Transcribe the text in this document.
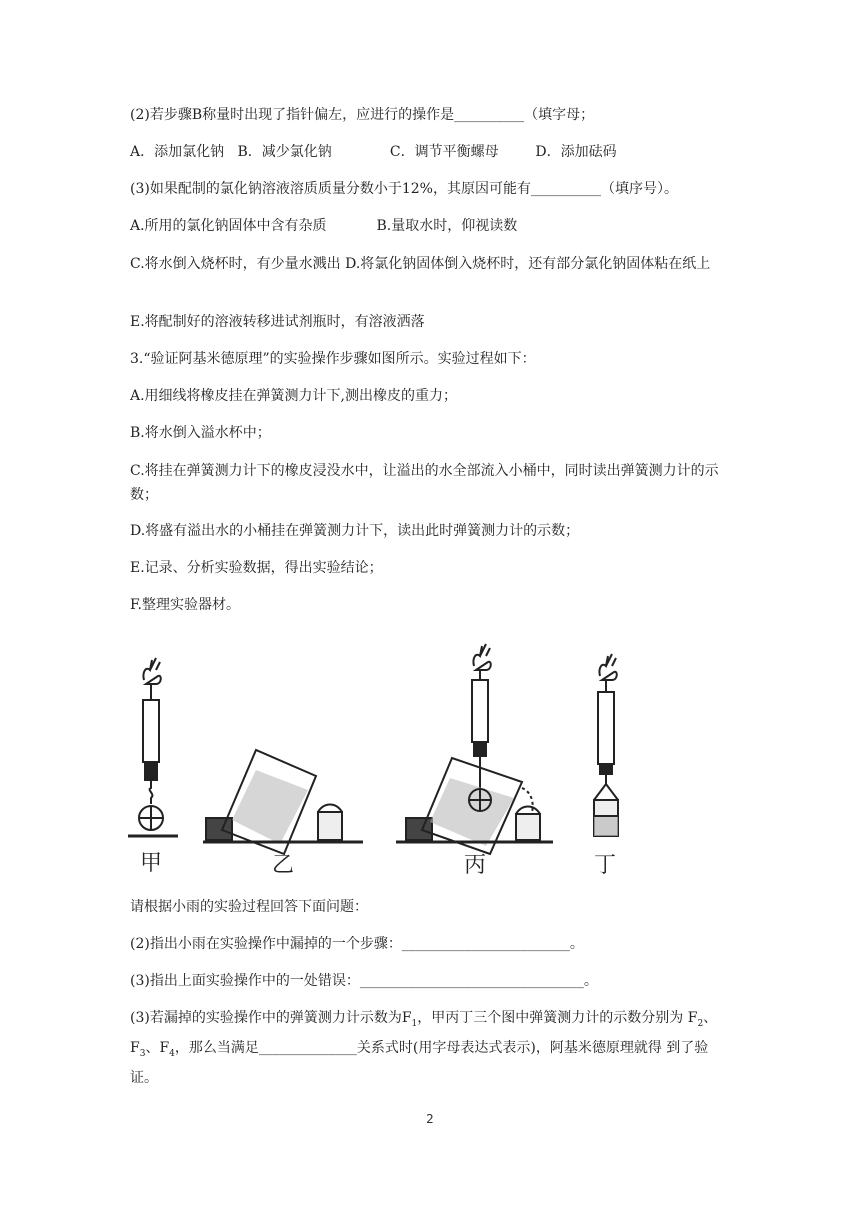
(2)若步骤B称量时出现了指针偏左，应进行的操作是__________（填字母；
A．添加氯化钠 B．减少氯化钠	C．调节平衡螺母	D．添加砝码
(3)如果配制的氯化钠溶液溶质质量分数小于12%，其原因可能有__________（填序号）。
A.所用的氯化钠固体中含有杂质	B.量取水时，仰视读数
C.将水倒入烧杯时，有少量水溅出 D.将氯化钠固体倒入烧杯时，还有部分氯化钠固体粘在纸上
E.将配制好的溶液转移进试剂瓶时，有溶液洒落
3.“验证阿基米德原理”的实验操作步骤如图所示。实验过程如下：
A.用细线将橡皮挂在弹簧测力计下,测出橡皮的重力；
B.将水倒入溢水杯中；
C.将挂在弹簧测力计下的橡皮浸没水中，让溢出的水全部流入小桶中，同时读出弹簧测力计的示数；
D.将盛有溢出水的小桶挂在弹簧测力计下，读出此时弹簧测力计的示数；
E.记录、分析实验数据，得出实验结论；
F.整理实验器材。
甲	乙	丙	丁
请根据小雨的实验过程回答下面问题：
(2)指出小雨在实验操作中漏掉的一个步骤：________________________。
(3)指出上面实验操作中的一处错误：________________________________。
(3)若漏掉的实验操作中的弹簧测力计示数为$F_1$，甲丙丁三个图中弹簧测力计的示数分别为 $F_2$、$F_3$、$F_4$，那么当满足______________关系式时(用字母表达式表示)，阿基米德原理就得 到了验证。
2
